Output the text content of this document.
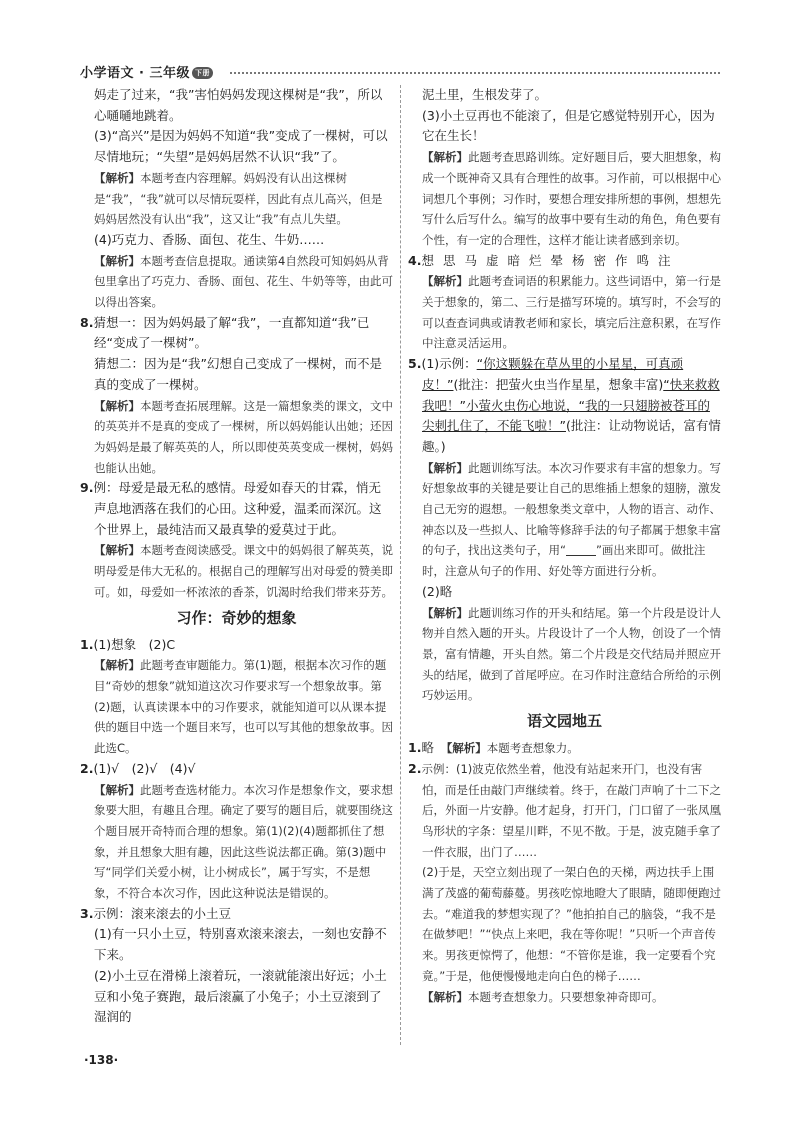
小学语文 · 三年级 下册

妈走了过来，“我”害怕妈妈发现这棵树是“我”，所以心嗵嗵地跳着。

(3)“高兴”是因为妈妈不知道“我”变成了一棵树，可以尽情地玩；“失望”是妈妈居然不认识“我”了。

【解析】本题考查内容理解。妈妈没有认出这棵树是“我”，“我”就可以尽情玩耍样，因此有点儿高兴，但是妈妈居然没有认出“我”，这又让“我”有点儿失望。

(4)巧克力、香肠、面包、花生、牛奶……

【解析】本题考查信息提取。通读第4自然段可知妈妈从背包里拿出了巧克力、香肠、面包、花生、牛奶等等，由此可以得出答案。

8.猜想一：因为妈妈最了解“我”，一直都知道“我”已经“变成了一棵树”。

猜想二：因为是“我”幻想自己变成了一棵树，而不是真的变成了一棵树。

【解析】本题考查拓展理解。这是一篇想象类的课文，文中的英英并不是真的变成了一棵树，所以妈妈能认出她；还因为妈妈是最了解英英的人，所以即使英英变成一棵树，妈妈也能认出她。

9.例：母爱是最无私的感情。母爱如春天的甘霖，悄无声息地洒落在我们的心田。这种爱，温柔而深沉。这个世界上，最纯洁而又最真挚的爱莫过于此。

【解析】本题考查阅读感受。课文中的妈妈很了解英英，说明母爱是伟大无私的。根据自己的理解写出对母爱的赞美即可。如，母爱如一杯浓浓的香茶，饥渴时给我们带来芬芳。

习作：奇妙的想象

1.(1)想象　(2)C

【解析】此题考查审题能力。第(1)题，根据本次习作的题目“奇妙的想象”就知道这次习作要求写一个想象故事。第(2)题，认真读课本中的习作要求，就能知道可以从课本提供的题目中选一个题目来写，也可以写其他的想象故事。因此选C。

2.(1)√　(2)√　(4)√

【解析】此题考查选材能力。本次习作是想象作文，要求想象要大胆，有趣且合理。确定了要写的题目后，就要围绕这个题目展开奇特而合理的想象。第(1)(2)(4)题都抓住了想象，并且想象大胆有趣，因此这些说法都正确。第(3)题中写“同学们关爱小树，让小树成长”，属于写实，不是想象，不符合本次习作，因此这种说法是错误的。

3.示例：滚来滚去的小土豆

(1)有一只小土豆，特别喜欢滚来滚去，一刻也安静不下来。

(2)小土豆在滑梯上滚着玩，一滚就能滚出好远；小土豆和小兔子赛跑，最后滚赢了小兔子；小土豆滚到了湿润的

泥土里，生根发芽了。

(3)小土豆再也不能滚了，但是它感觉特别开心，因为它在生长！

【解析】此题考查思路训练。定好题目后，要大胆想象，构成一个既神奇又具有合理性的故事。习作前，可以根据中心词想几个事例；习作时，要想合理安排所想的事例，想想先写什么后写什么。编写的故事中要有生动的角色，角色要有个性，有一定的合理性，这样才能让读者感到亲切。

4.想思马虚暗烂晕杨密作鸣注

【解析】此题考查词语的积累能力。这些词语中，第一行是关于想象的，第二、三行是描写环境的。填写时，不会写的可以查查词典或请教老师和家长，填完后注意积累，在写作中注意灵活运用。

5.(1)示例：“你这颗躲在草丛里的小星星，可真顽皮！”(批注：把萤火虫当作星星，想象丰富)“快来救救我吧！”小萤火虫伤心地说，“我的一只翅膀被苍耳的尖刺扎住了，不能飞啦！”(批注：让动物说话，富有情趣。)

【解析】此题训练写法。本次习作要求有丰富的想象力。写好想象故事的关键是要让自己的思维插上想象的翅膀，激发自己无穷的遐想。一般想象类文章中，人物的语言、动作、神态以及一些拟人、比喻等修辞手法的句子都属于想象丰富的句子，找出这类句子，用“	”画出来即可。做批注时，注意从句子的作用、好处等方面进行分析。

(2)略

【解析】此题训练习作的开头和结尾。第一个片段是设计人物并自然入题的开头。片段设计了一个人物，创设了一个情景，富有情趣，开头自然。第二个片段是交代结局并照应开头的结尾，做到了首尾呼应。在习作时注意结合所给的示例巧妙运用。

语文园地五

1.略　 【解析】本题考查想象力。

2.示例：(1)波克依然坐着，他没有站起来开门，也没有害怕，而是任由敲门声继续着。终于，在敲门声响了十二下之后，外面一片安静。他才起身，打开门，门口留了一张凤凰鸟形状的字条：望星川畔，不见不散。于是，波克随手拿了一件衣服，出门了……

(2)于是，天空立刻出现了一架白色的天梯，两边扶手上围满了茂盛的葡萄藤蔓。男孩吃惊地瞪大了眼睛，随即便跑过去。“难道我的梦想实现了？”他拍拍自己的脑袋，“我不是在做梦吧！”“快点上来吧，我在等你呢！”只听一个声音传来。男孩更惊愕了，他想：“不管你是谁，我一定要看个究竟。”于是，他便慢慢地走向白色的梯子……

【解析】本题考查想象力。只要想象神奇即可。

·138·
